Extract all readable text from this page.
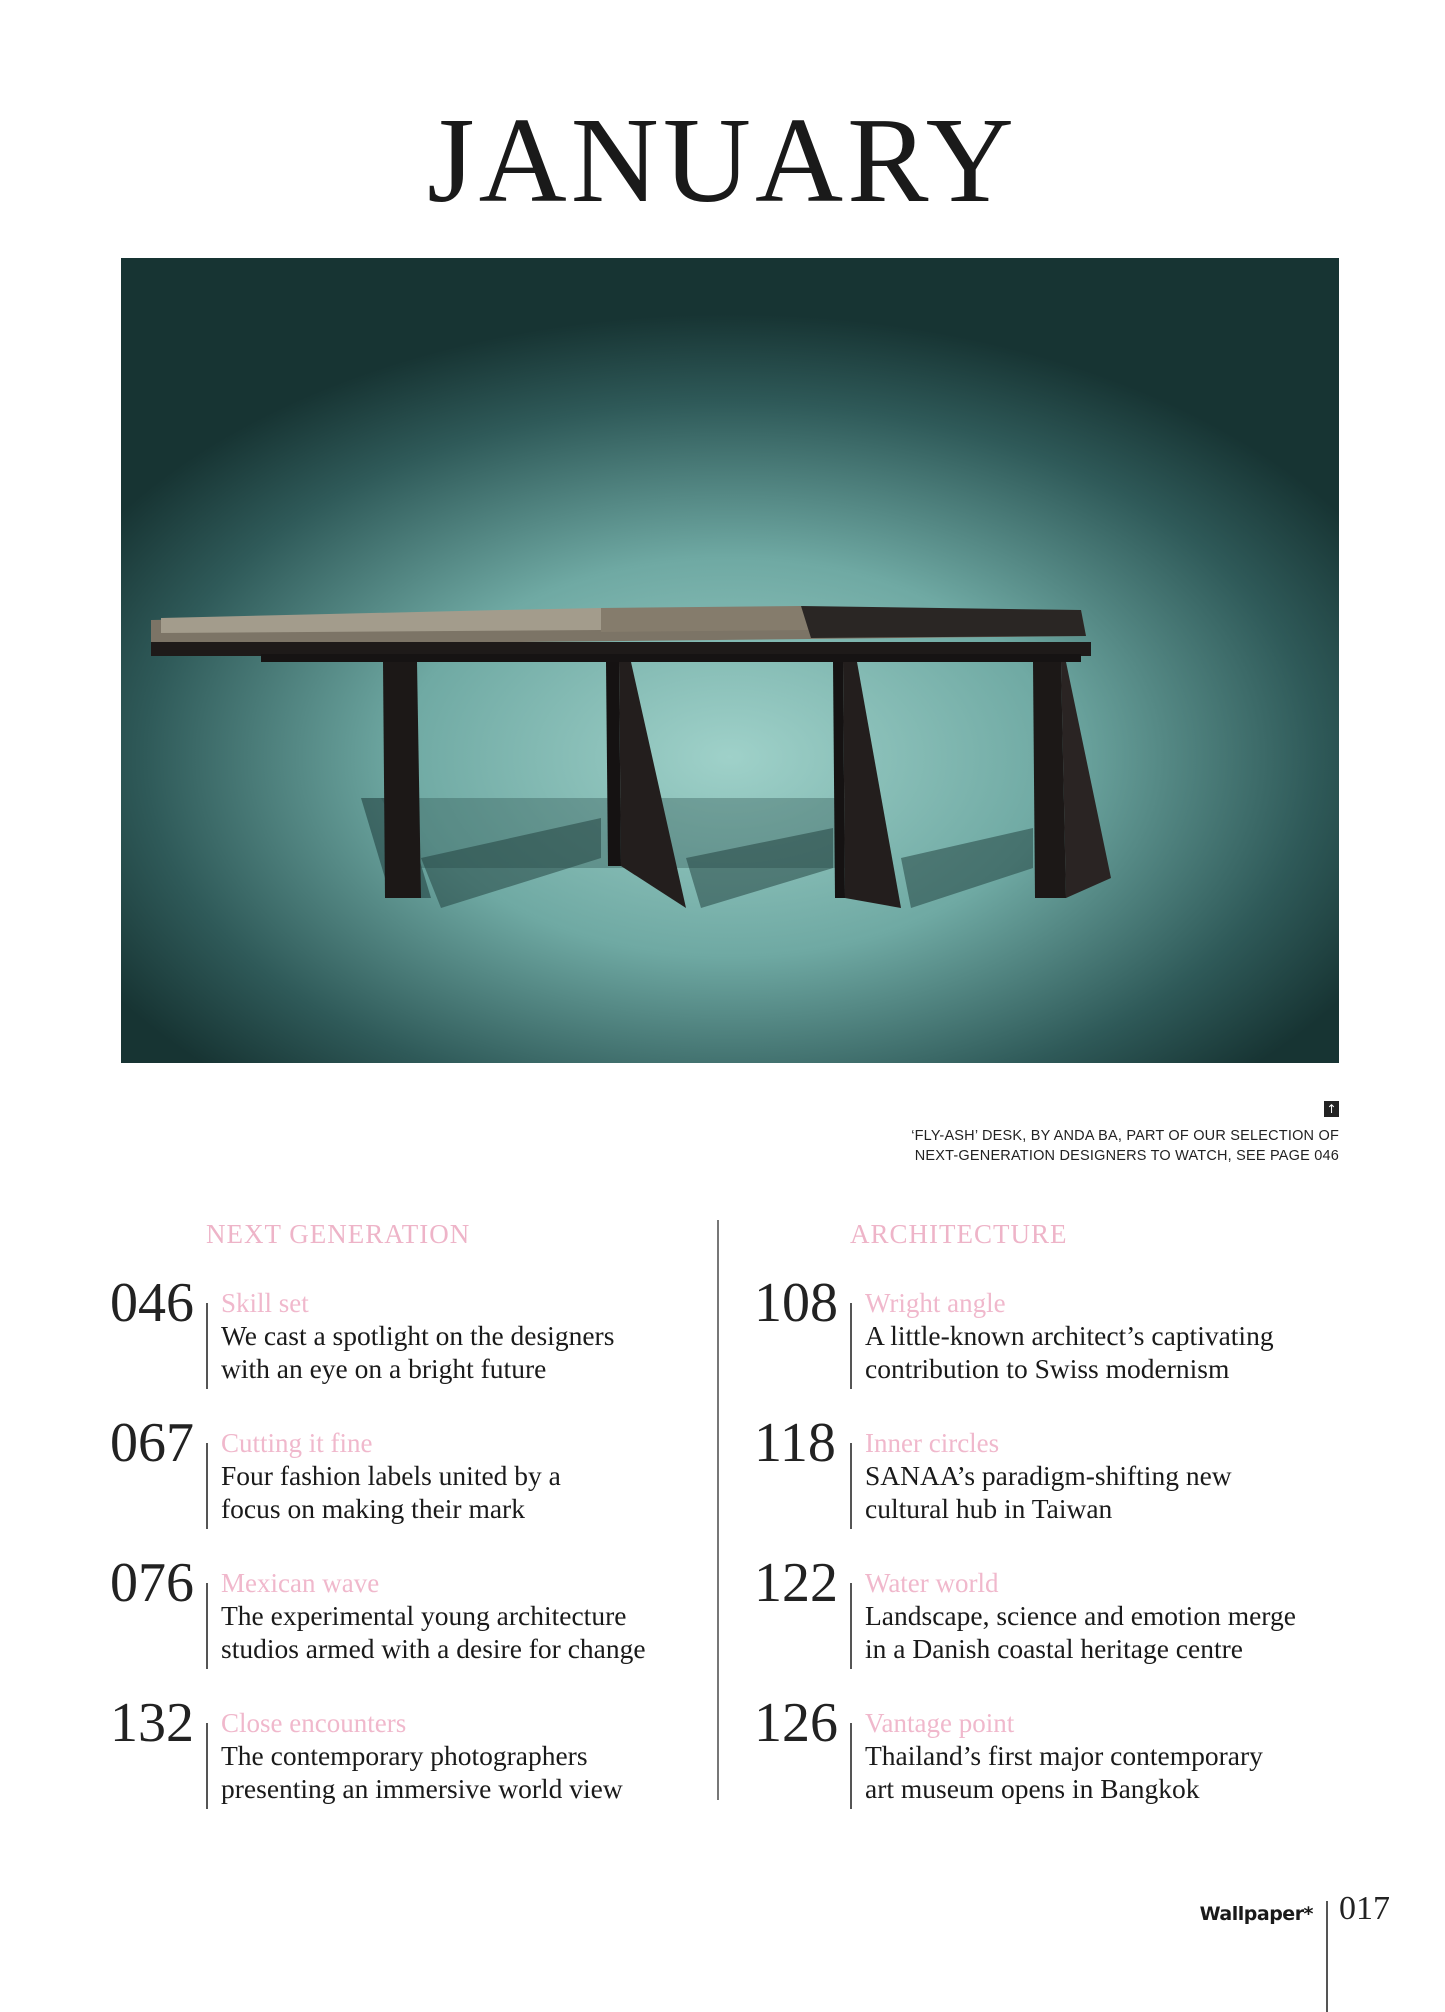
JANUARY
↑
‘FLY-ASH’ DESK, BY ANDA BA, PART OF OUR SELECTION OF
NEXT-GENERATION DESIGNERS TO WATCH, SEE PAGE 046
NEXT GENERATION	ARCHITECTURE
046 Skill set
We cast a spotlight on the designers
with an eye on a bright future
067 Cutting it fine
Four fashion labels united by a
focus on making their mark
076 Mexican wave
The experimental young architecture
studios armed with a desire for change
132 Close encounters
The contemporary photographers
presenting an immersive world view
108 Wright angle
A little-known architect’s captivating
contribution to Swiss modernism
118 Inner circles
SANAA’s paradigm-shifting new
cultural hub in Taiwan
122 Water world
Landscape, science and emotion merge
in a Danish coastal heritage centre
126 Vantage point
Thailand’s first major contemporary
art museum opens in Bangkok
Wallpaper* 017
